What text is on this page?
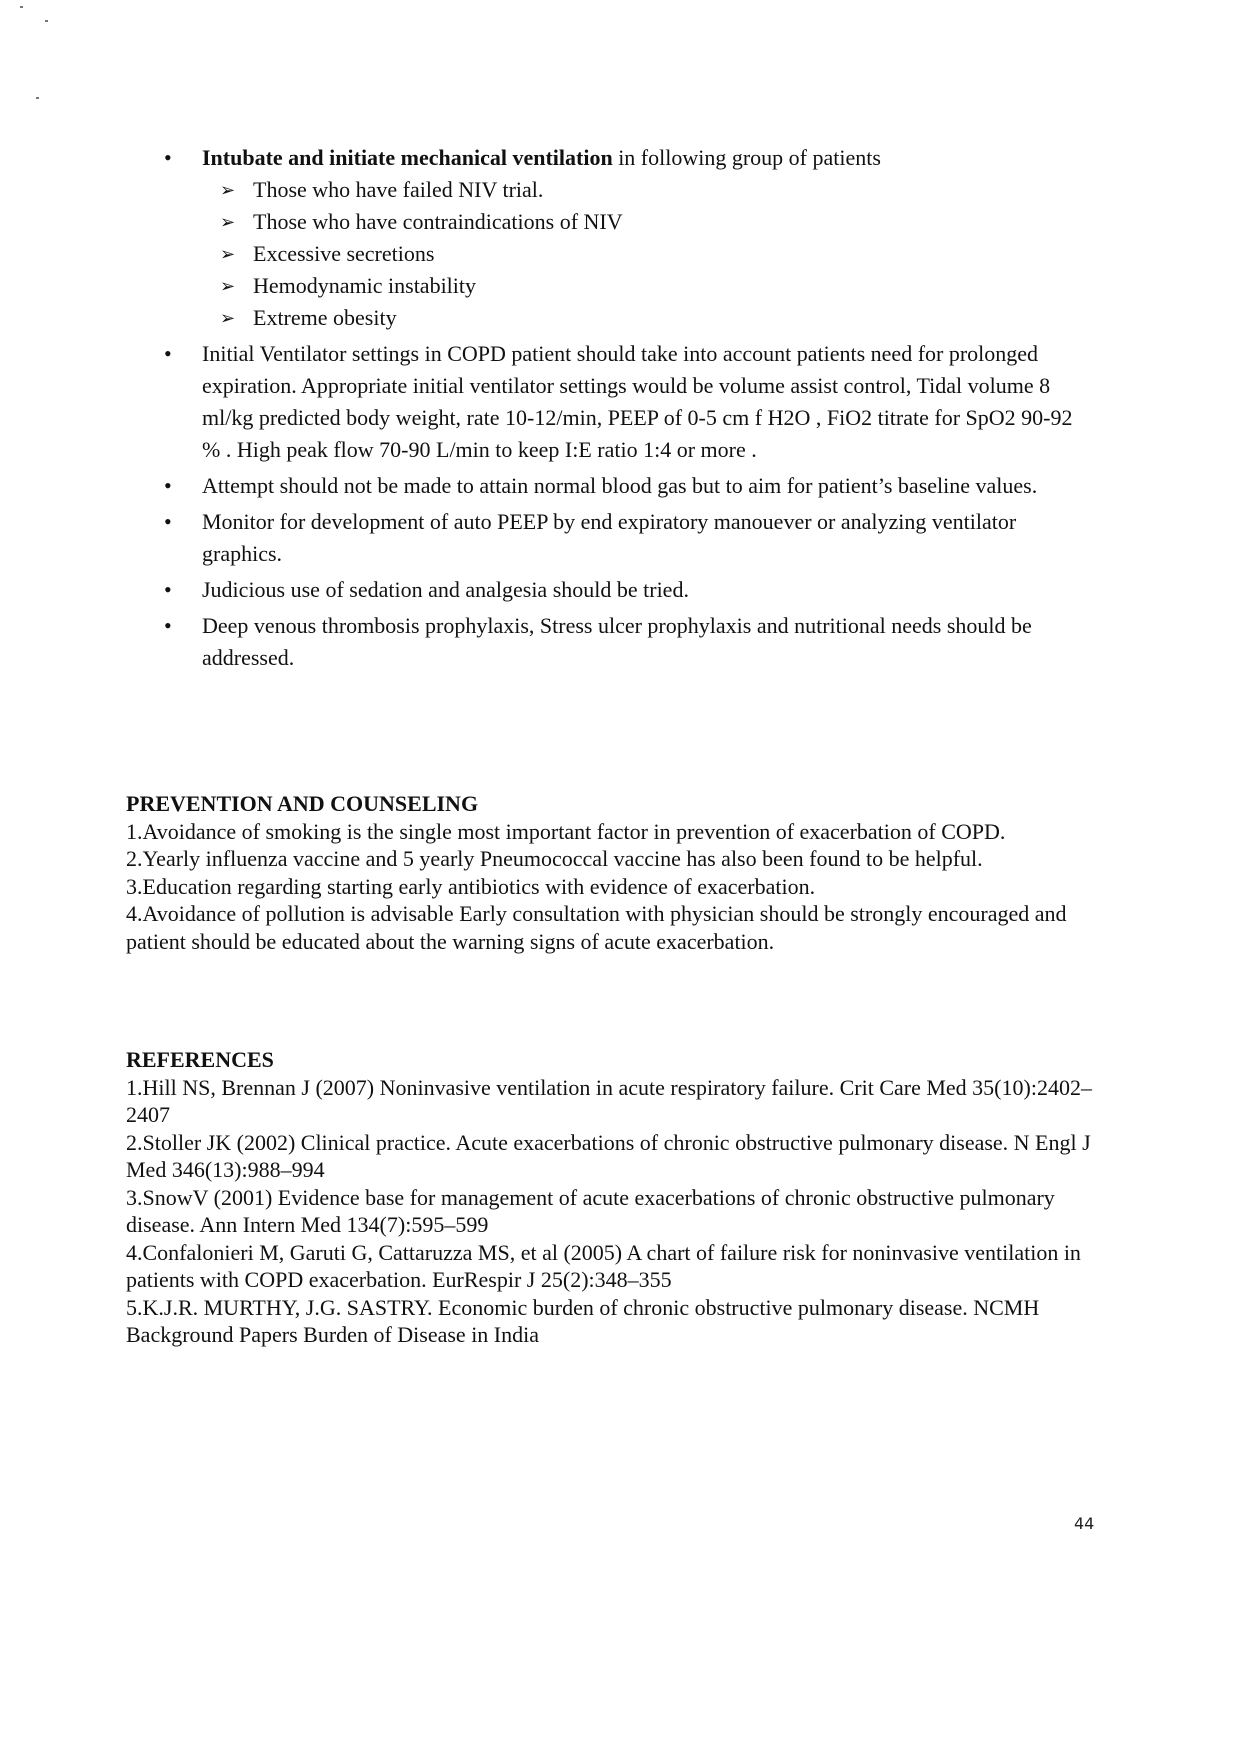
• Intubate and initiate mechanical ventilation in following group of patients
➢ Those who have failed NIV trial.
➢ Those who have contraindications of NIV
➢ Excessive secretions
➢ Hemodynamic instability
➢ Extreme obesity
• Initial Ventilator settings in COPD patient should take into account patients need for prolonged expiration. Appropriate initial ventilator settings would be volume assist control, Tidal volume 8 ml/kg predicted body weight, rate 10-12/min, PEEP of 0-5 cm f H2O , FiO2 titrate for SpO2 90-92 % . High peak flow 70-90 L/min to keep I:E ratio 1:4 or more .
• Attempt should not be made to attain normal blood gas but to aim for patient’s baseline values.
• Monitor for development of auto PEEP by end expiratory manouever or analyzing ventilator graphics.
• Judicious use of sedation and analgesia should be tried.
• Deep venous thrombosis prophylaxis, Stress ulcer prophylaxis and nutritional needs should be addressed.
PREVENTION AND COUNSELING

1.Avoidance of smoking is the single most important factor in prevention of exacerbation of COPD.

2.Yearly influenza vaccine and 5 yearly Pneumococcal vaccine has also been found to be helpful.

3.Education regarding starting early antibiotics with evidence of exacerbation.

4.Avoidance of pollution is advisable Early consultation with physician should be strongly encouraged and patient should be educated about the warning signs of acute exacerbation.

REFERENCES

1.Hill NS, Brennan J (2007) Noninvasive ventilation in acute respiratory failure. Crit Care Med 35(10):2402–2407

2.Stoller JK (2002) Clinical practice. Acute exacerbations of chronic obstructive pulmonary disease. N Engl J Med 346(13):988–994

3.SnowV (2001) Evidence base for management of acute exacerbations of chronic obstructive pulmonary disease. Ann Intern Med 134(7):595–599

4.Confalonieri M, Garuti G, Cattaruzza MS, et al (2005) A chart of failure risk for noninvasive ventilation in patients with COPD exacerbation. EurRespir J 25(2):348–355

5.K.J.R. MURTHY, J.G. SASTRY. Economic burden of chronic obstructive pulmonary disease. NCMH Background Papers Burden of Disease in India

44
